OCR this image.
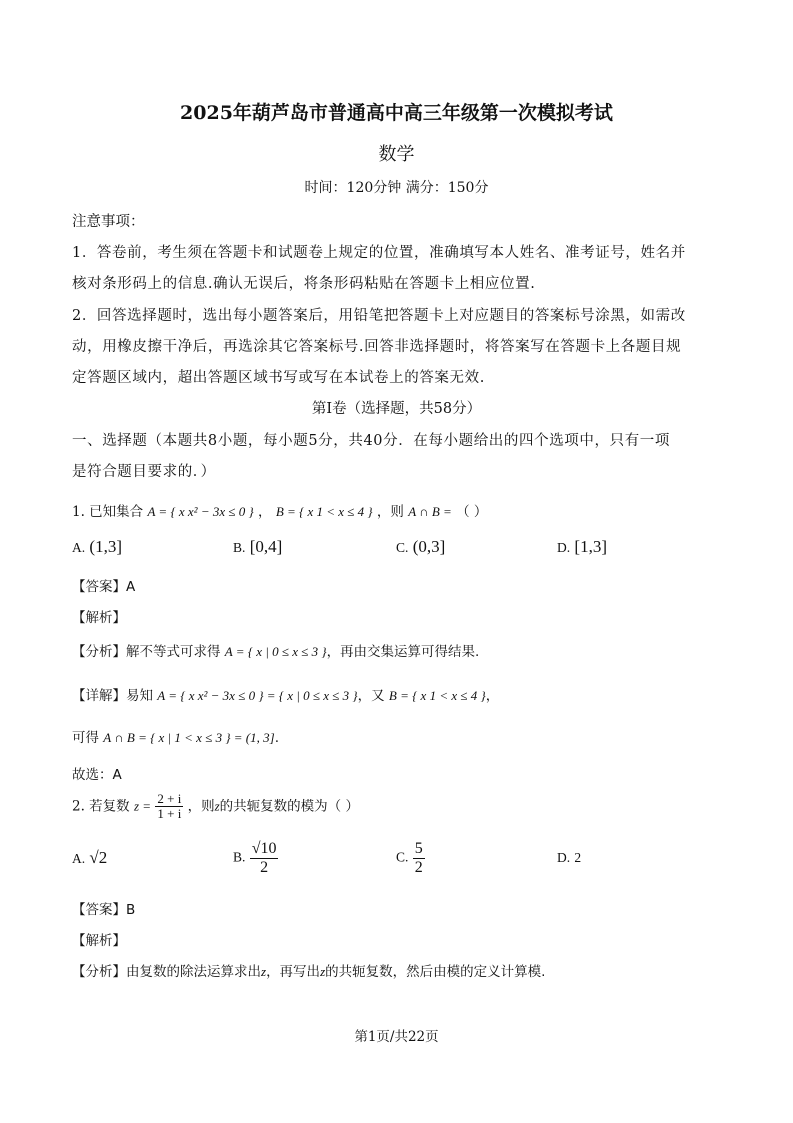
2025年葫芦岛市普通高中高三年级第一次模拟考试
数学
时间：120分钟 满分：150分
注意事项：
1．答卷前，考生须在答题卡和试题卷上规定的位置，准确填写本人姓名、准考证号，姓名并
核对条形码上的信息.确认无误后，将条形码粘贴在答题卡上相应位置.
2．回答选择题时，选出每小题答案后，用铅笔把答题卡上对应题目的答案标号涂黑，如需改
动，用橡皮擦干净后，再选涂其它答案标号.回答非选择题时，将答案写在答题卡上各题目规
定答题区域内，超出答题区域书写或写在本试卷上的答案无效.
第Ⅰ卷（选择题，共58分）
一、选择题（本题共8小题，每小题5分，共40分．在每小题给出的四个选项中，只有一项
是符合题目要求的．）
1. 已知集合 A = { x x² − 3x ≤ 0 } ， B = { x 1 < x ≤ 4 } ，则 A ∩ B = （ ）
A. (1,3]	B. [0,4]	C. (0,3]	D. [1,3]
【答案】A
【解析】
【分析】解不等式可求得 A = { x | 0 ≤ x ≤ 3 }，再由交集运算可得结果.
【详解】易知 A = { x x² − 3x ≤ 0 } = { x | 0 ≤ x ≤ 3 }，又 B = { x 1 < x ≤ 4 }，
可得 A ∩ B = { x | 1 < x ≤ 3 } = (1, 3].
故选：A
2. 若复数 $z = \frac{2 + i}{1 + i}$ ，则z的共轭复数的模为（ ）
A. √2	B. $\frac{√10}{2}$	C. $\frac{5}{2}$	D. 2
【答案】B
【解析】
【分析】由复数的除法运算求出z，再写出z的共轭复数，然后由模的定义计算模.
第1页/共22页
